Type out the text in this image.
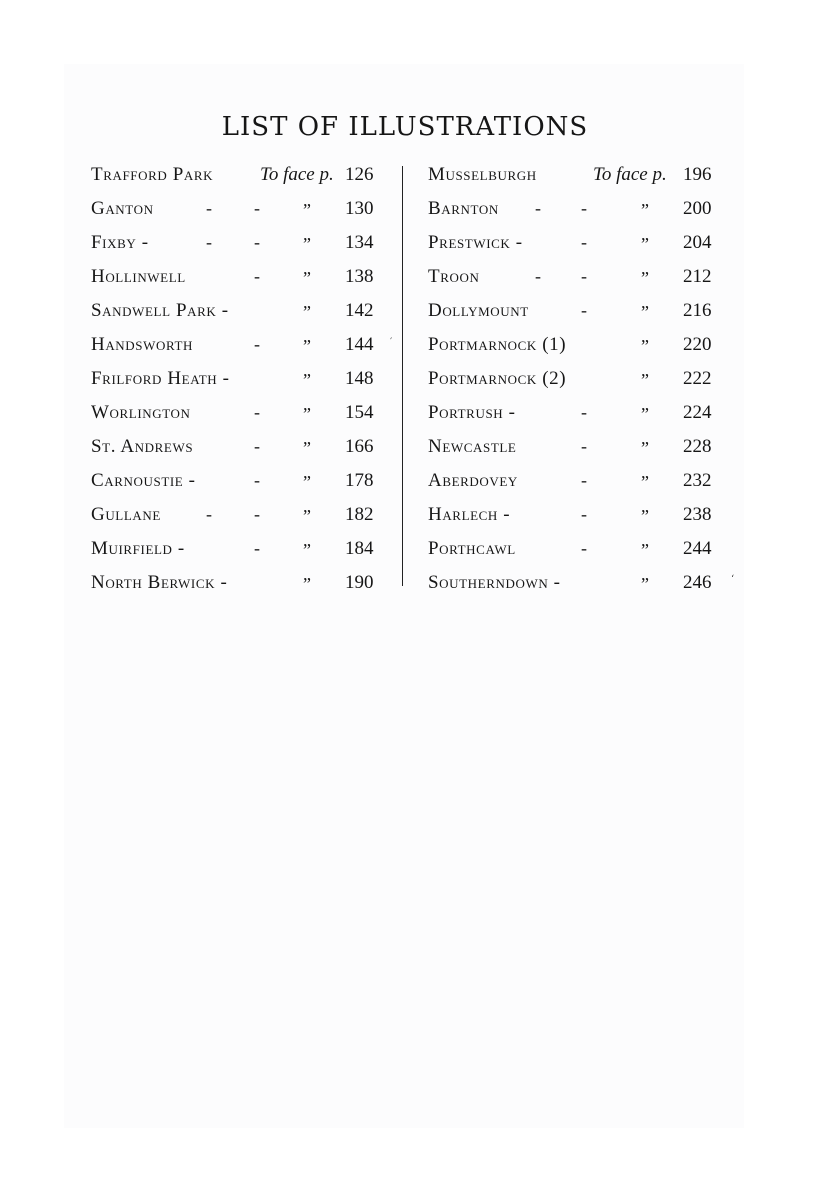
LIST OF ILLUSTRATIONS
Trafford Park To face p. 126
Ganton	- - ” 130
Fixby -	- - ” 134
Hollinwell	- ” 138
Sandwell Park -	” 142
Handsworth	- ” 144
Frilford Heath -	” 148
Worlington	- ” 154
St. Andrews	- ” 166
Carnoustie -	- ” 178
Gullane	- - ” 182
Muirfield -	- ” 184
North Berwick -	” 190
Musselburgh	To face p. 196
Barnton - -	” 200
Prestwick -	-	” 204
Troon	- -	” 212
Dollymount	-	” 216
Portmarnock (1)	” 220
Portmarnock (2)	” 222
Portrush -	-	” 224
Newcastle	-	” 228
Aberdovey	-	” 232
Harlech -	-	” 238
Porthcawl	-	” 244
Southerndown -	” 246
′
‘
